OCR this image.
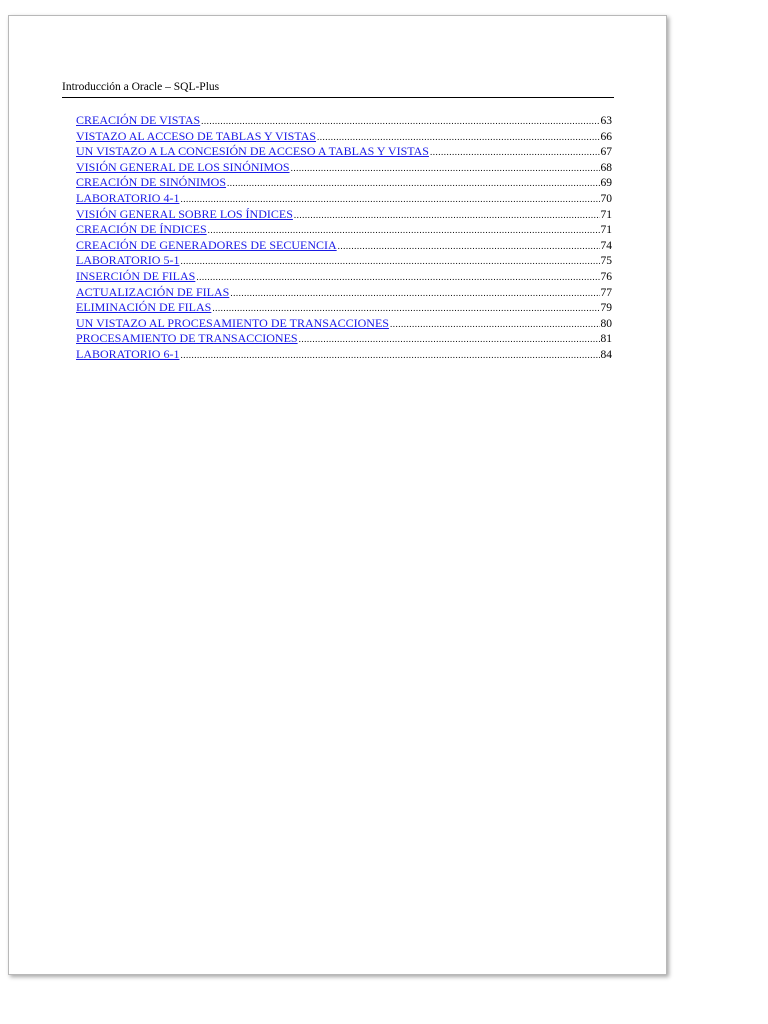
Introducción a Oracle – SQL-Plus
CREACIÓN DE VISTAS .....	63
VISTAZO AL ACCESO DE TABLAS Y VISTAS .....	66
UN VISTAZO A LA CONCESIÓN DE ACCESO A TABLAS Y VISTAS .....	67
VISIÓN GENERAL DE LOS SINÓNIMOS .....	68
CREACIÓN DE SINÓNIMOS .....	69
LABORATORIO 4-1 .....	70
VISIÓN GENERAL SOBRE LOS ÍNDICES .....	71
CREACIÓN DE ÍNDICES .....	71
CREACIÓN DE GENERADORES DE SECUENCIA .....	74
LABORATORIO 5-1 .....	75
INSERCIÓN DE FILAS .....	76
ACTUALIZACIÓN DE FILAS .....	77
ELIMINACIÓN DE FILAS .....	79
UN VISTAZO AL PROCESAMIENTO DE TRANSACCIONES .....	80
PROCESAMIENTO DE TRANSACCIONES .....	81
LABORATORIO 6-1 .....	84
